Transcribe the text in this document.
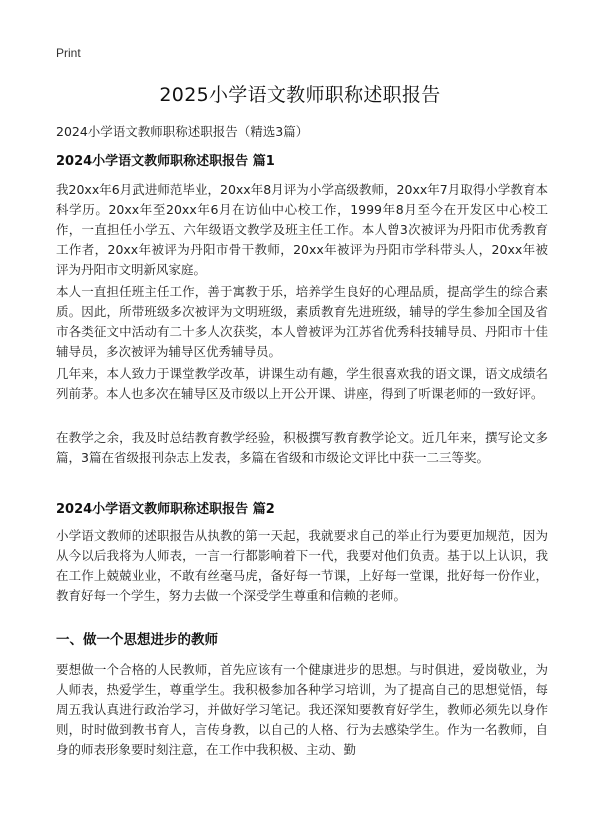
Print
2025小学语文教师职称述职报告
2024小学语文教师职称述职报告（精选3篇）
2024小学语文教师职称述职报告 篇1

我20xx年6月武进师范毕业，20xx年8月评为小学高级教师，20xx年7月取得小学教育本科学历。20xx年至20xx年6月在访仙中心校工作，1999年8月至今在开发区中心校工作，一直担任小学五、六年级语文教学及班主任工作。本人曾3次被评为丹阳市优秀教育工作者，20xx年被评为丹阳市骨干教师，20xx年被评为丹阳市学科带头人，20xx年被评为丹阳市文明新风家庭。

本人一直担任班主任工作，善于寓教于乐，培养学生良好的心理品质，提高学生的综合素质。因此，所带班级多次被评为文明班级，素质教育先进班级，辅导的学生参加全国及省市各类征文中活动有二十多人次获奖，本人曾被评为江苏省优秀科技辅导员、丹阳市十佳辅导员，多次被评为辅导区优秀辅导员。

几年来，本人致力于课堂教学改革，讲课生动有趣，学生很喜欢我的语文课，语文成绩名列前茅。本人也多次在辅导区及市级以上开公开课、讲座，得到了听课老师的一致好评。

在教学之余，我及时总结教育教学经验，积极撰写教育教学论文。近几年来，撰写论文多篇，3篇在省级报刊杂志上发表，多篇在省级和市级论文评比中获一二三等奖。

2024小学语文教师职称述职报告 篇2

小学语文教师的述职报告从执教的第一天起，我就要求自己的举止行为要更加规范，因为从今以后我将为人师表，一言一行都影响着下一代，我要对他们负责。基于以上认识，我在工作上兢兢业业，不敢有丝毫马虎，备好每一节课，上好每一堂课，批好每一份作业，教育好每一个学生，努力去做一个深受学生尊重和信赖的老师。

一、做一个思想进步的教师

要想做一个合格的人民教师，首先应该有一个健康进步的思想。与时俱进，爱岗敬业，为人师表，热爱学生，尊重学生。我积极参加各种学习培训，为了提高自己的思想觉悟，每周五我认真进行政治学习，并做好学习笔记。我还深知要教育好学生，教师必须先以身作则，时时做到教书育人，言传身教，以自己的人格、行为去感染学生。作为一名教师，自身的师表形象要时刻注意，在工作中我积极、主动、勤
